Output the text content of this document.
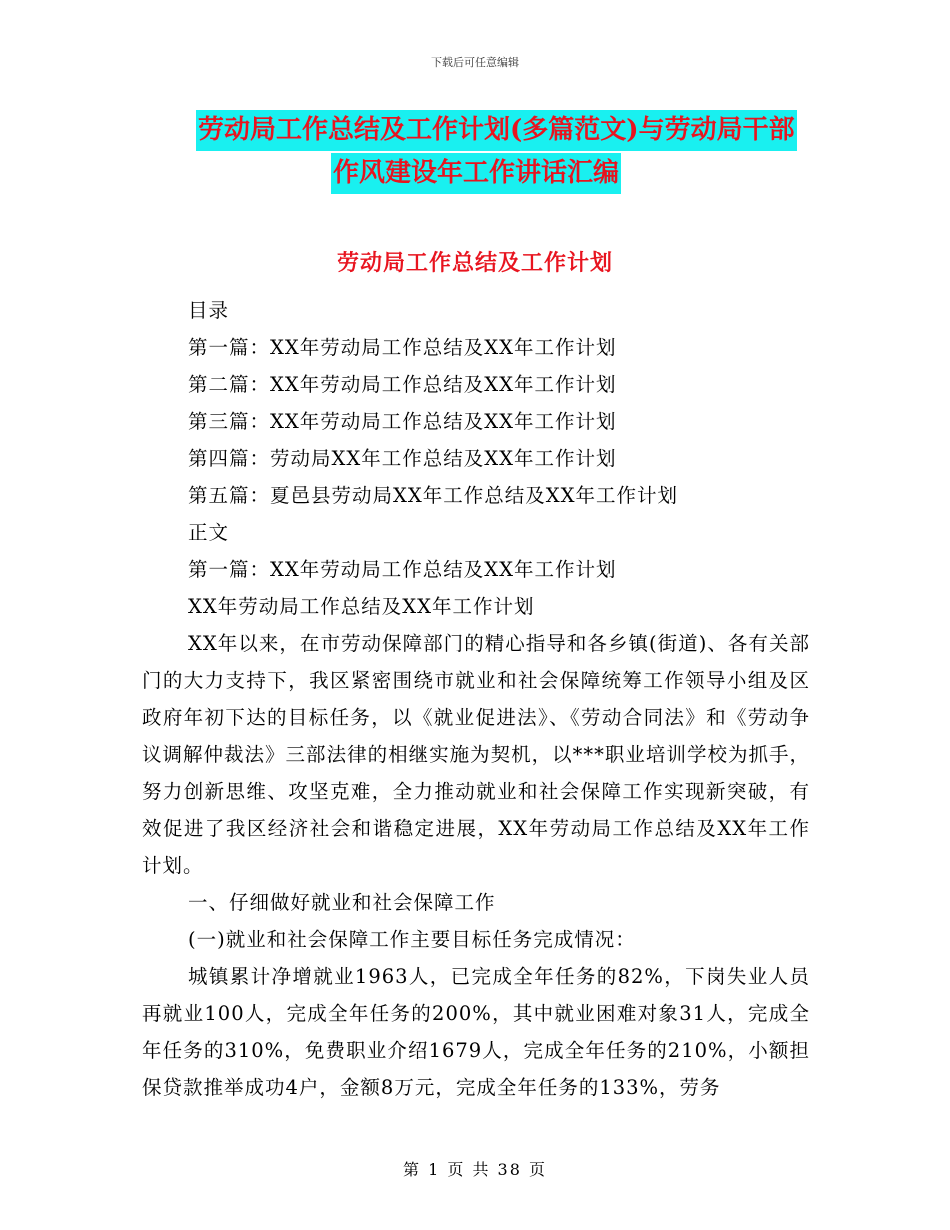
下载后可任意编辑
劳动局工作总结及工作计划(多篇范文)与劳动局干部
作风建设年工作讲话汇编
劳动局工作总结及工作计划
目录
第一篇：XX年劳动局工作总结及XX年工作计划
第二篇：XX年劳动局工作总结及XX年工作计划
第三篇：XX年劳动局工作总结及XX年工作计划
第四篇：劳动局XX年工作总结及XX年工作计划
第五篇：夏邑县劳动局XX年工作总结及XX年工作计划
正文
第一篇：XX年劳动局工作总结及XX年工作计划
XX年劳动局工作总结及XX年工作计划
XX年以来，在市劳动保障部门的精心指导和各乡镇(街道)、各有关部门的大力支持下，我区紧密围绕市就业和社会保障统筹工作领导小组及区政府年初下达的目标任务，以《就业促进法》、《劳动合同法》和《劳动争议调解仲裁法》三部法律的相继实施为契机，以***职业培训学校为抓手，努力创新思维、攻坚克难，全力推动就业和社会保障工作实现新突破，有效促进了我区经济社会和谐稳定进展，XX年劳动局工作总结及XX年工作计划。
一、仔细做好就业和社会保障工作
(一)就业和社会保障工作主要目标任务完成情况：
城镇累计净增就业1963人，已完成全年任务的82%，下岗失业人员再就业100人，完成全年任务的200%，其中就业困难对象31人，完成全年任务的310%，免费职业介绍1679人，完成全年任务的210%，小额担保贷款推举成功4户，金额8万元，完成全年任务的133%，劳务
第 1 页 共 38 页
